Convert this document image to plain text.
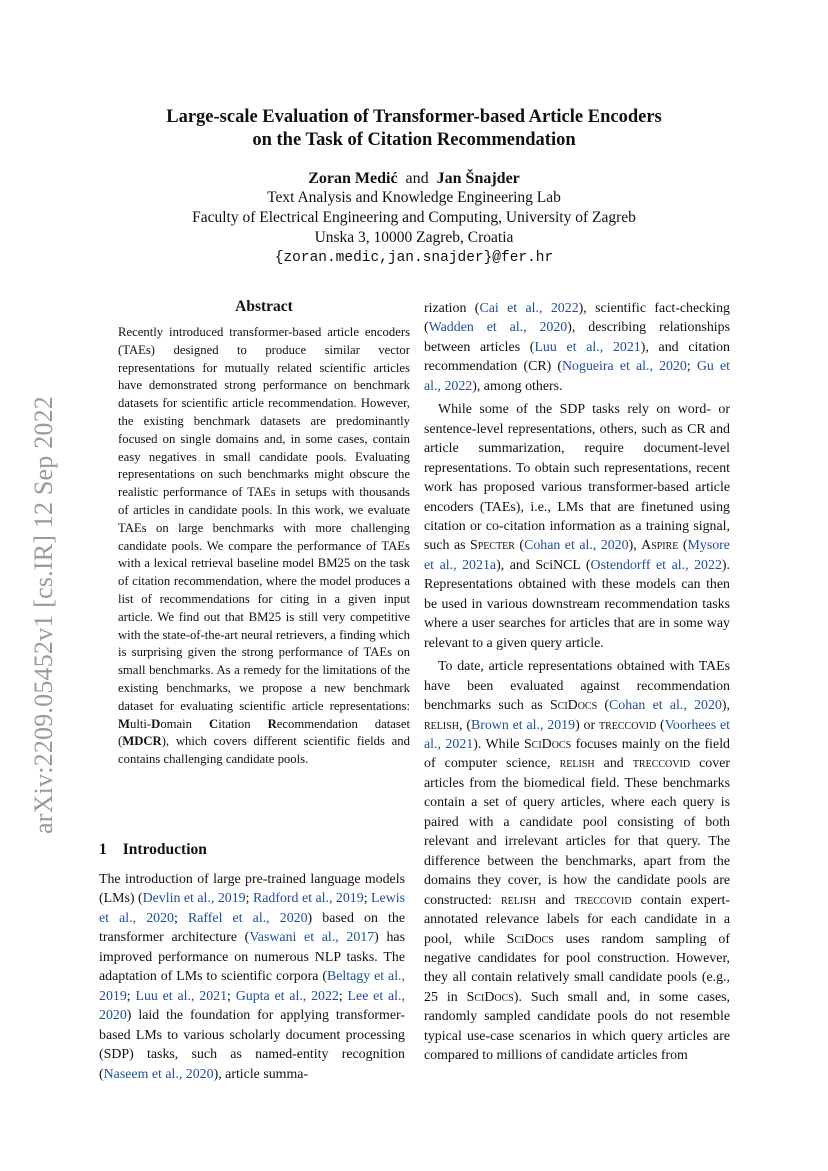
arXiv:2209.05452v1 [cs.IR] 12 Sep 2022
Large-scale Evaluation of Transformer-based Article Encoders
on the Task of Citation Recommendation
Zoran Medić and Jan Šnajder
Text Analysis and Knowledge Engineering Lab
Faculty of Electrical Engineering and Computing, University of Zagreb
Unska 3, 10000 Zagreb, Croatia
{zoran.medic,jan.snajder}@fer.hr
Abstract
Recently introduced transformer-based article encoders (TAEs) designed to produce similar vector representations for mutually related scientific articles have demonstrated strong performance on benchmark datasets for scientific article recommendation. However, the existing benchmark datasets are predominantly focused on single domains and, in some cases, contain easy negatives in small candidate pools. Evaluating representations on such benchmarks might obscure the realistic performance of TAEs in setups with thousands of articles in candidate pools. In this work, we evaluate TAEs on large benchmarks with more challenging candidate pools. We compare the performance of TAEs with a lexical retrieval baseline model BM25 on the task of citation recommendation, where the model produces a list of recommendations for citing in a given input article. We find out that BM25 is still very competitive with the state-of-the-art neural retrievers, a finding which is surprising given the strong performance of TAEs on small benchmarks. As a remedy for the limitations of the existing benchmarks, we propose a new benchmark dataset for evaluating scientific article representations: Multi-Domain Citation Recommendation dataset (MDCR), which covers different scientific fields and contains challenging candidate pools.
1 Introduction
The introduction of large pre-trained language models (LMs) (Devlin et al., 2019; Radford et al., 2019; Lewis et al., 2020; Raffel et al., 2020) based on the transformer architecture (Vaswani et al., 2017) has improved performance on numerous NLP tasks. The adaptation of LMs to scientific corpora (Beltagy et al., 2019; Luu et al., 2021; Gupta et al., 2022; Lee et al., 2020) laid the foundation for applying transformer-based LMs to various scholarly document processing (SDP) tasks, such as named-entity recognition (Naseem et al., 2020), article summa-

rization (Cai et al., 2022), scientific fact-checking (Wadden et al., 2020), describing relationships between articles (Luu et al., 2021), and citation recommendation (CR) (Nogueira et al., 2020; Gu et al., 2022), among others.

While some of the SDP tasks rely on word- or sentence-level representations, others, such as CR and article summarization, require document-level representations. To obtain such representations, recent work has proposed various transformer-based article encoders (TAEs), i.e., LMs that are finetuned using citation or co-citation information as a training signal, such as Specter (Cohan et al., 2020), Aspire (Mysore et al., 2021a), and SciNCL (Ostendorff et al., 2022). Representations obtained with these models can then be used in various downstream recommendation tasks where a user searches for articles that are in some way relevant to a given query article.

To date, article representations obtained with TAEs have been evaluated against recommendation benchmarks such as SciDocs (Cohan et al., 2020), relish, (Brown et al., 2019) or treccovid (Voorhees et al., 2021). While SciDocs focuses mainly on the field of computer science, relish and treccovid cover articles from the biomedical field. These benchmarks contain a set of query articles, where each query is paired with a candidate pool consisting of both relevant and irrelevant articles for that query. The difference between the benchmarks, apart from the domains they cover, is how the candidate pools are constructed: relish and treccovid contain expert-annotated relevance labels for each candidate in a pool, while SciDocs uses random sampling of negative candidates for pool construction. However, they all contain relatively small candidate pools (e.g., 25 in SciDocs). Such small and, in some cases, randomly sampled candidate pools do not resemble typical use-case scenarios in which query articles are compared to millions of candidate articles from
